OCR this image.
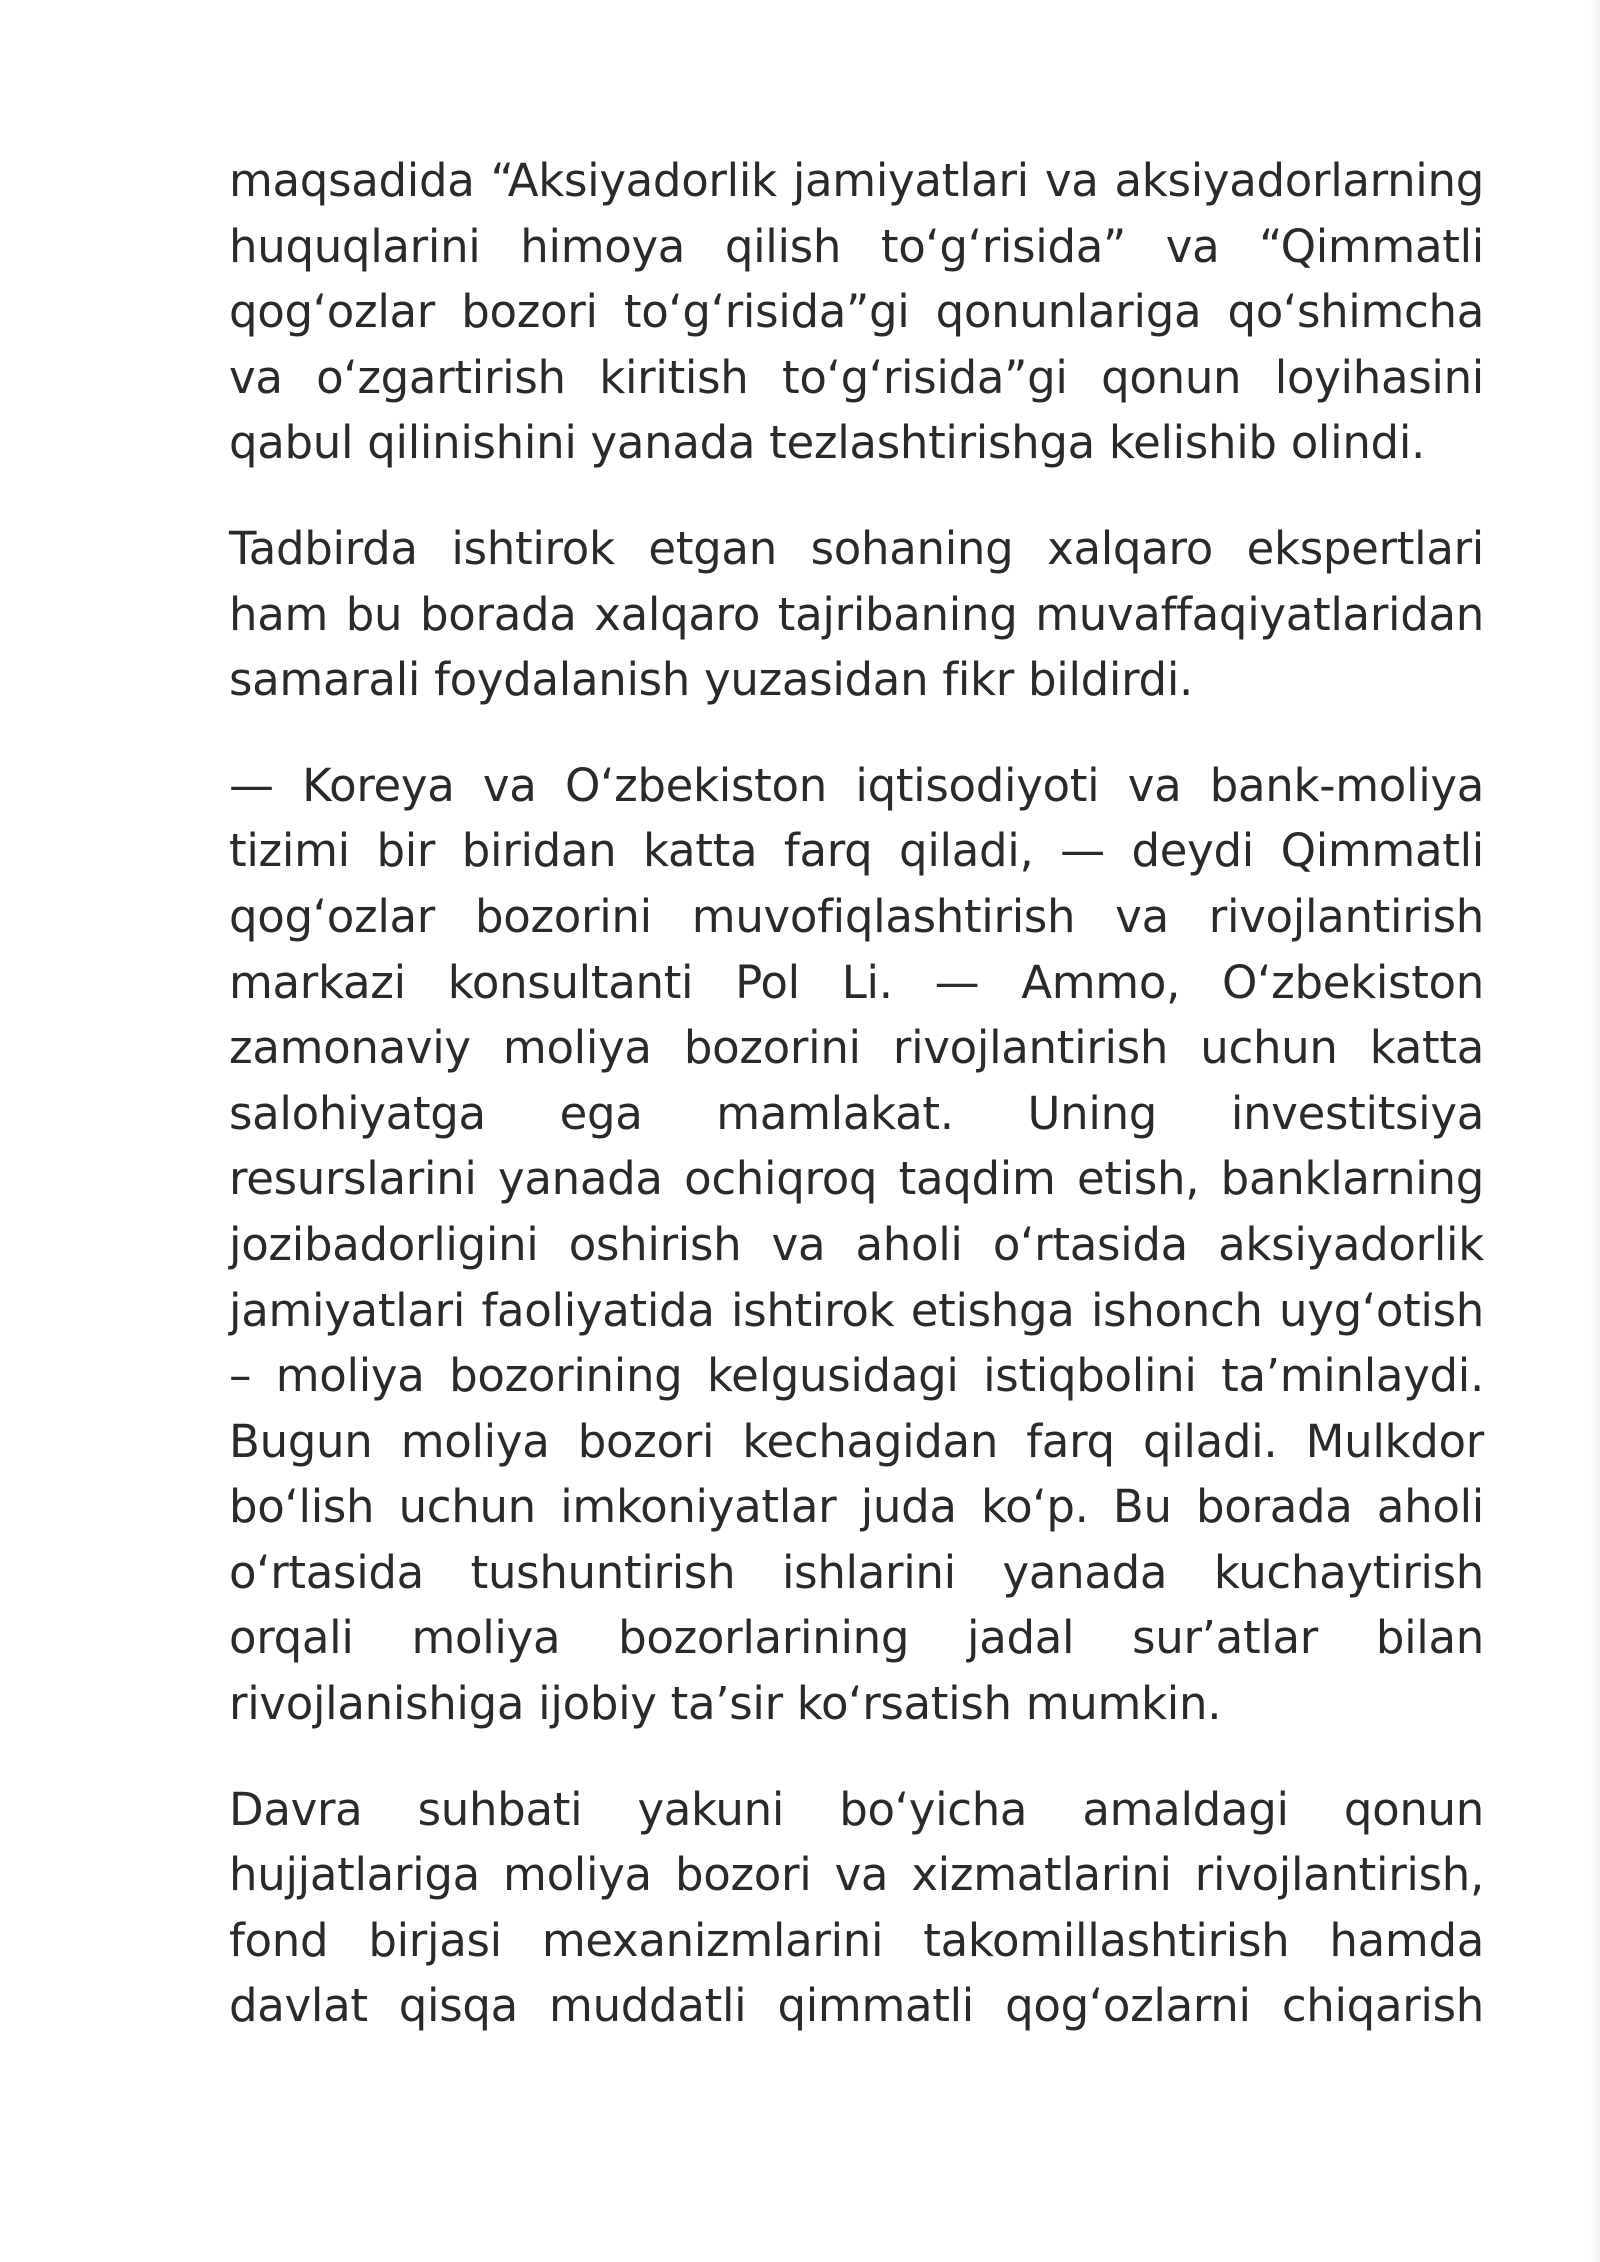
maqsadida “Aksiyadorlik jamiyatlari va aksiyadorlarning huquqlarini himoya qilish to‘g‘risida” va “Qimmatli qog‘ozlar bozori to‘g‘risida”gi qonunlariga qo‘shimcha va o‘zgartirish kiritish to‘g‘risida”gi qonun loyihasini qabul qilinishini yanada tezlashtirishga kelishib olindi.

Tadbirda ishtirok etgan sohaning xalqaro ekspertlari ham bu borada xalqaro tajribaning muvaffaqiyatlaridan samarali foydalanish yuzasidan fikr bildirdi.

— Koreya va O‘zbekiston iqtisodiyoti va bank-moliya tizimi bir biridan katta farq qiladi, — deydi Qimmatli qog‘ozlar bozorini muvofiqlashtirish va rivojlantirish markazi konsultanti Pol Li. — Ammo, O‘zbekiston zamonaviy moliya bozorini rivojlantirish uchun katta salohiyatga ega mamlakat. Uning investitsiya resurslarini yanada ochiqroq taqdim etish, banklarning jozibadorligini oshirish va aholi o‘rtasida aksiyadorlik jamiyatlari faoliyatida ishtirok etishga ishonch uyg‘otish – moliya bozorining kelgusidagi istiqbolini ta’minlaydi. Bugun moliya bozori kechagidan farq qiladi. Mulkdor bo‘lish uchun imkoniyatlar juda ko‘p. Bu borada aholi o‘rtasida tushuntirish ishlarini yanada kuchaytirish orqali moliya bozorlarining jadal sur’atlar bilan rivojlanishiga ijobiy ta’sir ko‘rsatish mumkin.

Davra suhbati yakuni bo‘yicha amaldagi qonun hujjatlariga moliya bozori va xizmatlarini rivojlantirish, fond birjasi mexanizmlarini takomillashtirish hamda davlat qisqa muddatli qimmatli qog‘ozlarni chiqarish
